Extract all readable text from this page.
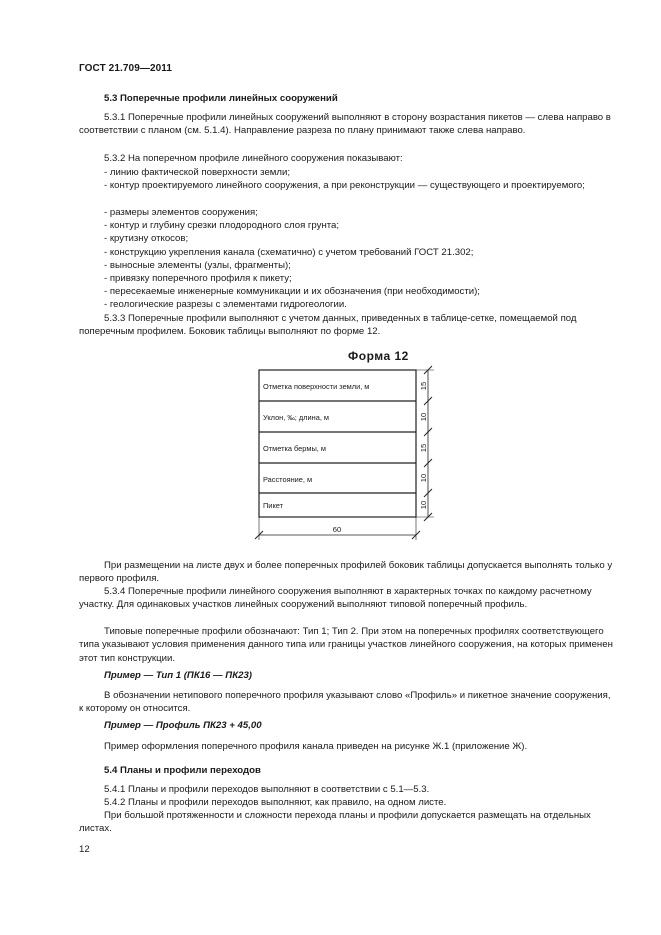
ГОСТ 21.709—2011
5.3 Поперечные профили линейных сооружений
5.3.1 Поперечные профили линейных сооружений выполняют в сторону возрастания пикетов — слева направо в соответствии с планом (см. 5.1.4). Направление разреза по плану принимают также слева направо.
5.3.2 На поперечном профиле линейного сооружения показывают:
- линию фактической поверхности земли;
- контур проектируемого линейного сооружения, а при реконструкции — существующего и проектируемого;
- размеры элементов сооружения;
- контур и глубину срезки плодородного слоя грунта;
- крутизну откосов;
- конструкцию укрепления канала (схематично) с учетом требований ГОСТ 21.302;
- выносные элементы (узлы, фрагменты);
- привязку поперечного профиля к пикету;
- пересекаемые инженерные коммуникации и их обозначения (при необходимости);
- геологические разрезы с элементами гидрогеологии.
5.3.3 Поперечные профили выполняют с учетом данных, приведенных в таблице-сетке, помещаемой под поперечным профилем. Боковик таблицы выполняют по форме 12.
Форма 12
Отметка поверхности земли, м
Уклон, ‰; длина, м
Отметка бермы, м
Расстояние, м
Пикет
15
10
15
10
10
60
При размещении на листе двух и более поперечных профилей боковик таблицы допускается выполнять только у первого профиля.
5.3.4 Поперечные профили линейного сооружения выполняют в характерных точках по каждому расчетному участку. Для одинаковых участков линейных сооружений выполняют типовой поперечный профиль.
Типовые поперечные профили обозначают: Тип 1; Тип 2. При этом на поперечных профилях соответствующего типа указывают условия применения данного типа или границы участков линейного сооружения, на которых применен этот тип конструкции.
Пример — Тип 1 (ПК16 — ПК23)
В обозначении нетипового поперечного профиля указывают слово «Профиль» и пикетное значение сооружения, к которому он относится.
Пример — Профиль ПК23 + 45,00
Пример оформления поперечного профиля канала приведен на рисунке Ж.1 (приложение Ж).
5.4 Планы и профили переходов
5.4.1 Планы и профили переходов выполняют в соответствии с 5.1—5.3.
5.4.2 Планы и профили переходов выполняют, как правило, на одном листе.
При большой протяженности и сложности перехода планы и профили допускается размещать на отдельных листах.
12
